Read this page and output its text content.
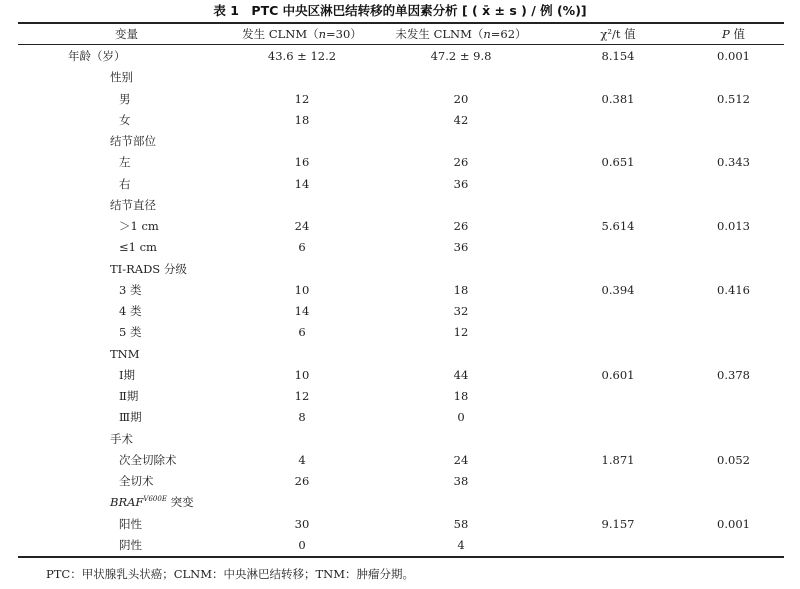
表 1　PTC 中央区淋巴结转移的单因素分析 [ ( x̄ ± s ) / 例 (%)]
变量	发生 CLNM（n=30）	未发生 CLNM（n=62）	χ²/t 值	P 值
年龄（岁）	43.6 ± 12.2	47.2 ± 9.8	8.154	0.001
性别				
男	12	20	0.381	0.512
女	18	42		
结节部位				
左	16	26	0.651	0.343
右	14	36		
结节直径				
＞1 cm	24	26	5.614	0.013
≤1 cm	6	36		
TI-RADS 分级				
3 类	10	18	0.394	0.416
4 类	14	32		
5 类	6	12		
TNM				
Ⅰ期	10	44	0.601	0.378
Ⅱ期	12	18		
Ⅲ期	8	0		
手术				
次全切除术	4	24	1.871	0.052
全切术	26	38		
$BRAF^{V600E}$ 突变				
阳性	30	58	9.157	0.001
阴性	0	4		
PTC：甲状腺乳头状癌；CLNM：中央淋巴结转移；TNM：肿瘤分期。
